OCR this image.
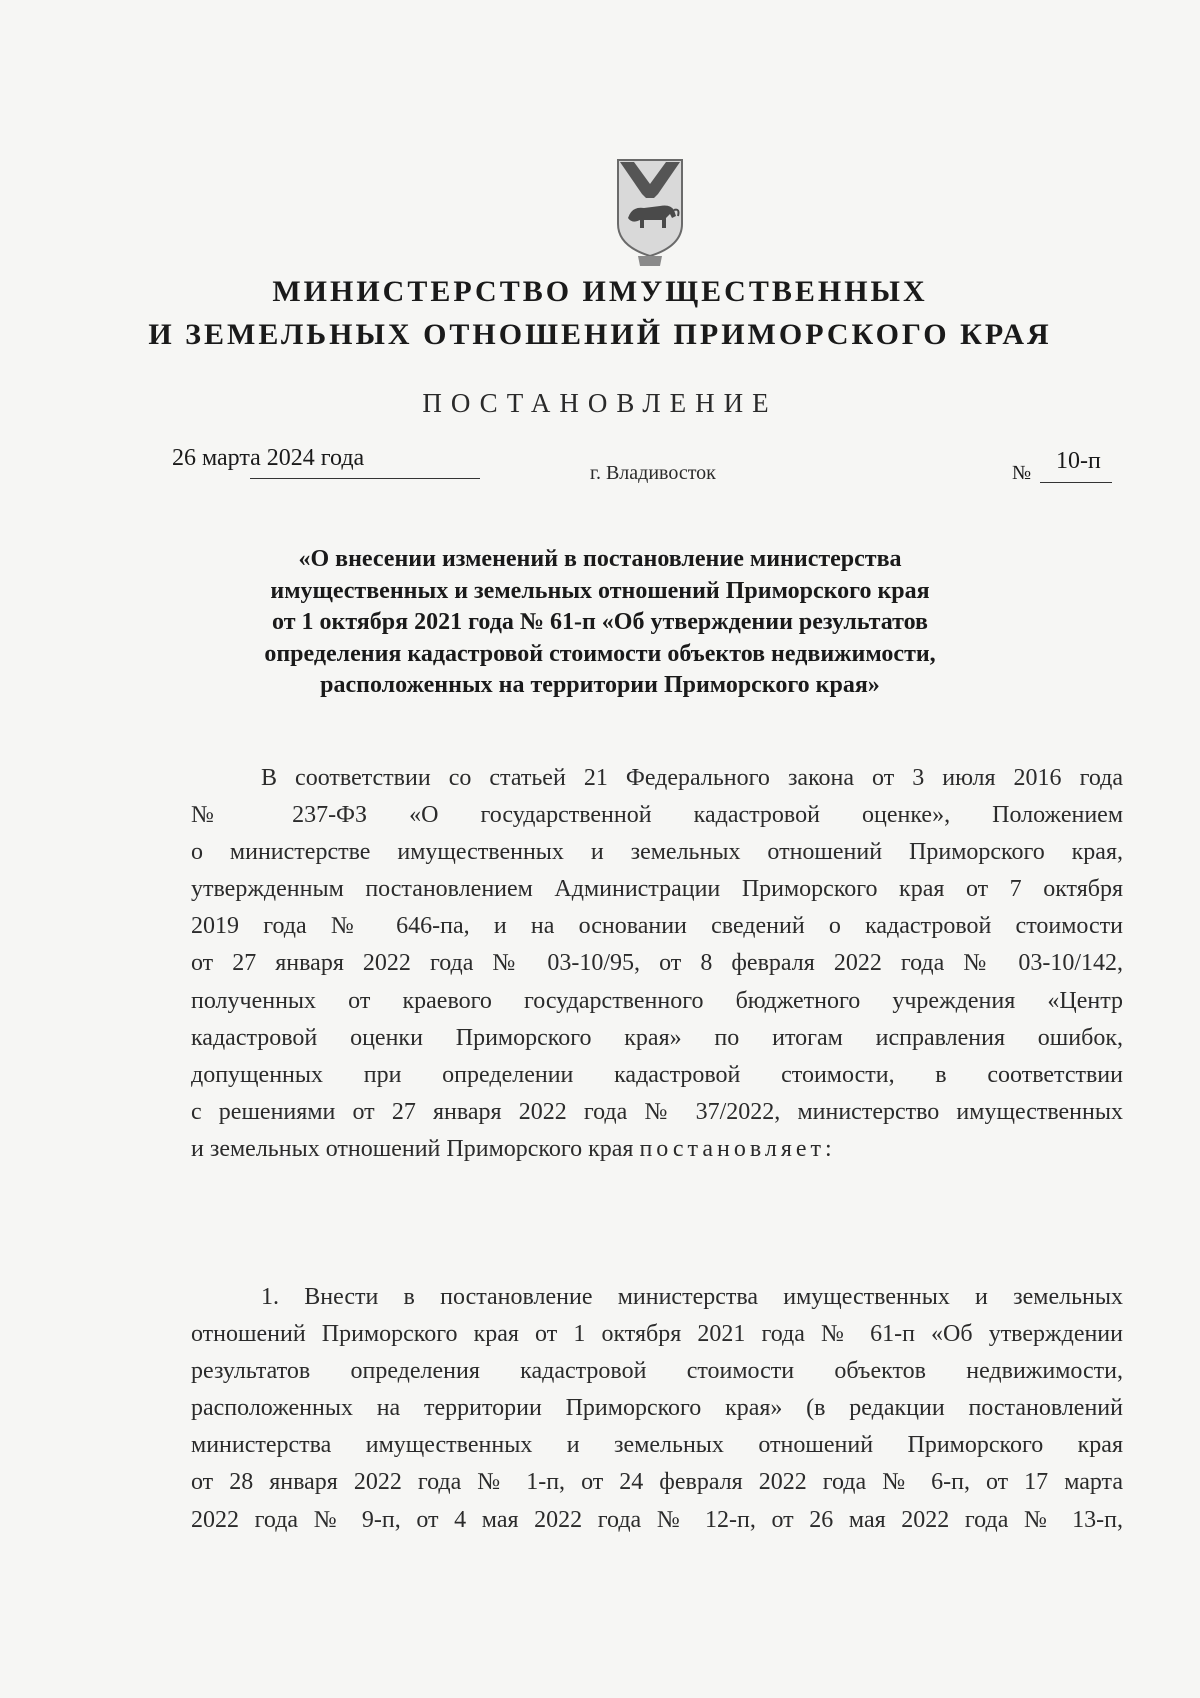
МИНИСТЕРСТВО ИМУЩЕСТВЕННЫХ
И ЗЕМЕЛЬНЫХ ОТНОШЕНИЙ ПРИМОРСКОГО КРАЯ
ПОСТАНОВЛЕНИЕ
26 марта 2024 года
г. Владивосток	№ 10-п
«О внесении изменений в постановление министерства
имущественных и земельных отношений Приморского края
от 1 октября 2021 года № 61-п «Об утверждении результатов
определения кадастровой стоимости объектов недвижимости,
расположенных на территории Приморского края»
В соответствии со статьей 21 Федерального закона от 3 июля 2016 года
№ 237-ФЗ «О государственной кадастровой оценке», Положением
о министерстве имущественных и земельных отношений Приморского края,
утвержденным постановлением Администрации Приморского края от 7 октября
2019 года № 646-па, и на основании сведений о кадастровой стоимости
от 27 января 2022 года № 03-10/95, от 8 февраля 2022 года № 03-10/142,
полученных от краевого государственного бюджетного учреждения «Центр
кадастровой оценки Приморского края» по итогам исправления ошибок,
допущенных при определении кадастровой стоимости, в соответствии
с решениями от 27 января 2022 года № 37/2022, министерство имущественных
и земельных отношений Приморского края постановляет:
1. Внести в постановление министерства имущественных и земельных
отношений Приморского края от 1 октября 2021 года № 61-п «Об утверждении
результатов определения кадастровой стоимости объектов недвижимости,
расположенных на территории Приморского края» (в редакции постановлений
министерства имущественных и земельных отношений Приморского края
от 28 января 2022 года № 1-п, от 24 февраля 2022 года № 6-п, от 17 марта
2022 года № 9-п, от 4 мая 2022 года № 12-п, от 26 мая 2022 года № 13-п,
